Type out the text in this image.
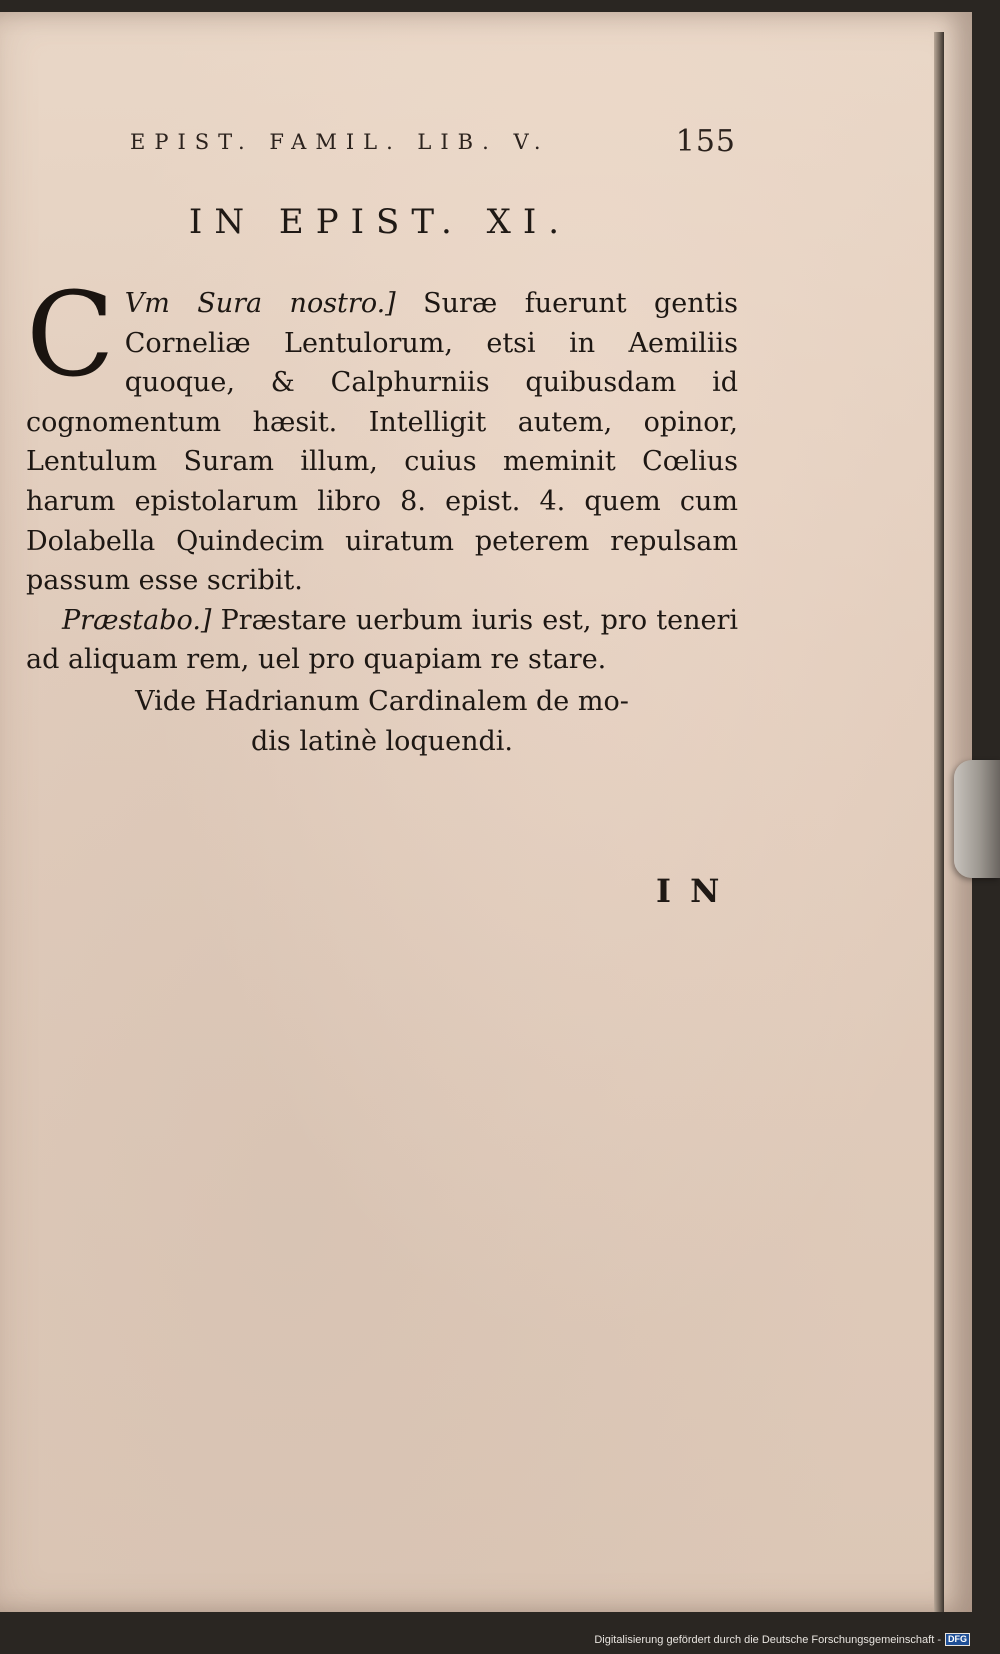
EPIST. FAMIL. LIB. V.	155
IN EPIST. XI.

C Vm Sura nostro.] Suræ fuerunt gentis Corneliæ Lentulorum, etsi in Aemiliis quoque, & Calphurniis quibusdam id cognomentum hæsit. Intelligit autem, opinor, Lentulum Suram illum, cuius meminit Cœlius harum epistolarum libro 8. epist. 4. quem cum Dolabella Quindecim uiratum peterem repulsam passum esse scribit.

Præstabo.] Præstare uerbum iuris est, pro teneri ad aliquam rem, uel pro quapiam re stare.

Vide Hadrianum Cardinalem de mo-
dis latinè loquendi.
I N
Digitalisierung gefördert durch die Deutsche Forschungsgemeinschaft - DFG
